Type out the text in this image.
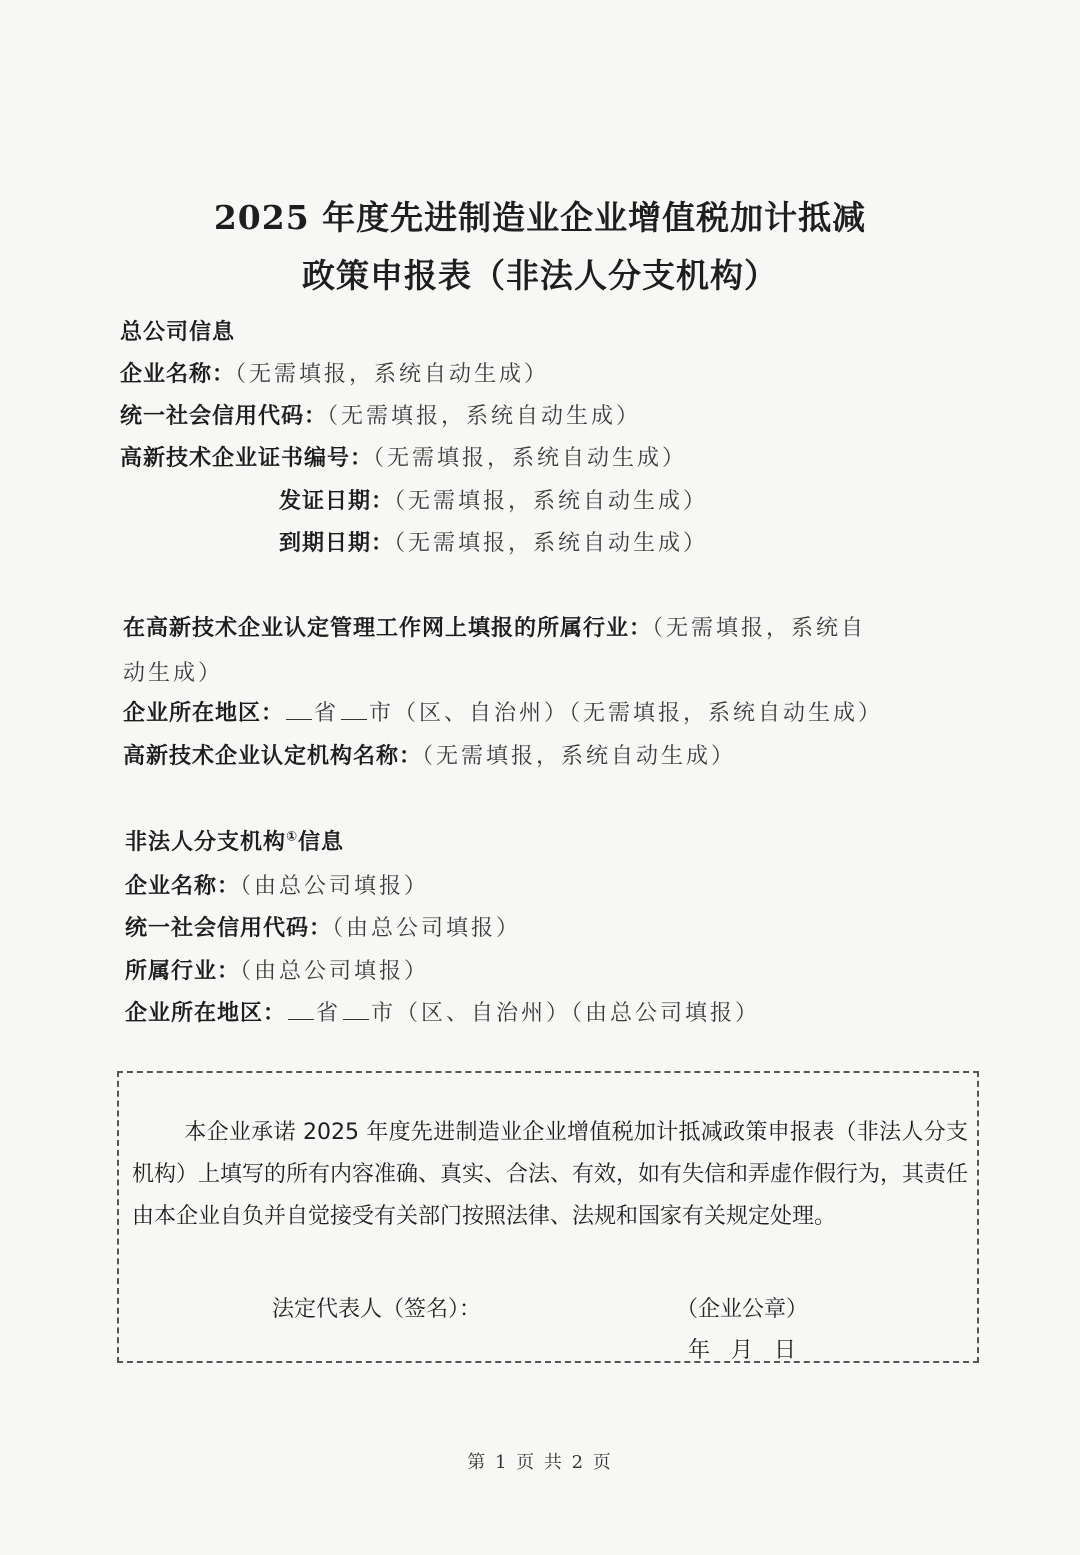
2025 年度先进制造业企业增值税加计抵减
政策申报表（非法人分支机构）
总公司信息
企业名称：（无需填报，系统自动生成）
统一社会信用代码：（无需填报，系统自动生成）
高新技术企业证书编号：（无需填报，系统自动生成）
发证日期：（无需填报，系统自动生成）
到期日期：（无需填报，系统自动生成）
在高新技术企业认定管理工作网上填报的所属行业：（无需填报，系统自
动生成）
企业所在地区： 省 市（区、自治州）（无需填报，系统自动生成）
高新技术企业认定机构名称：（无需填报，系统自动生成）
非法人分支机构①信息
企业名称：（由总公司填报）
统一社会信用代码：（由总公司填报）
所属行业：（由总公司填报）
企业所在地区： 省 市（区、自治州）（由总公司填报）
本企业承诺 2025 年度先进制造业企业增值税加计抵减政策申报表（非法人分支机构）上填写的所有内容准确、真实、合法、有效，如有失信和弄虚作假行为，其责任由本企业自负并自觉接受有关部门按照法律、法规和国家有关规定处理。
法定代表人（签名）：	（企业公章）
年   月   日
第 1 页 共 2 页
